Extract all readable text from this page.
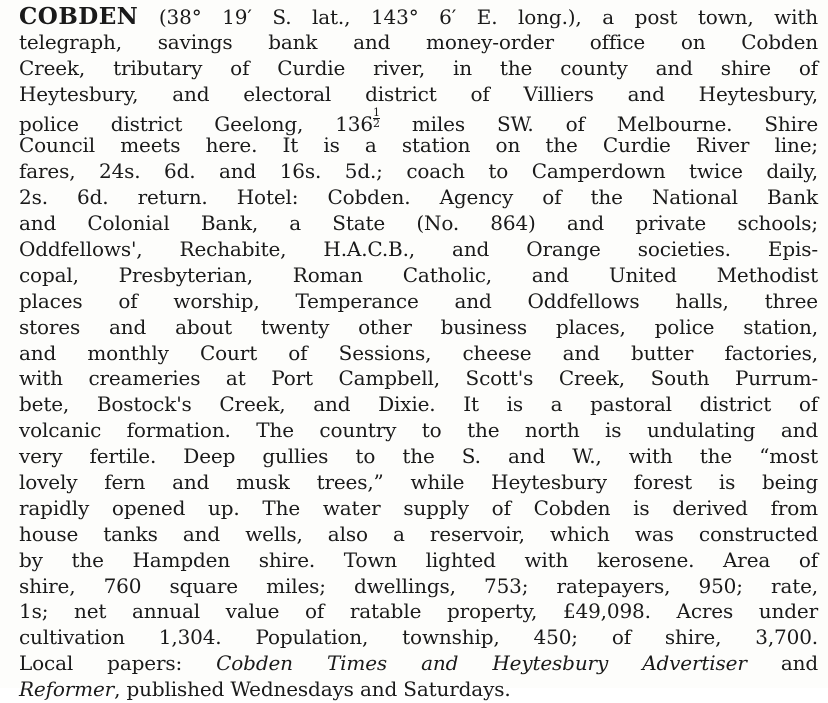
COBDEN (38° 19′ S. lat., 143° 6′ E. long.), a post town, with
telegraph, savings bank and money-order office on Cobden
Creek, tributary of Curdie river, in the county and shire of
Heytesbury, and electoral district of Villiers and Heytesbury,
police district Geelong, $136 \frac{1}{2}$ miles SW. of Melbourne. Shire
Council meets here. It is a station on the Curdie River line;
fares, 24s. 6d. and 16s. 5d.; coach to Camperdown twice daily,
2s. 6d. return. Hotel: Cobden. Agency of the National Bank
and Colonial Bank, a State (No. 864) and private schools;
Oddfellows', Rechabite, H.A.C.B., and Orange societies. Epis-
copal, Presbyterian, Roman Catholic, and United Methodist
places of worship, Temperance and Oddfellows halls, three
stores and about twenty other business places, police station,
and monthly Court of Sessions, cheese and butter factories,
with creameries at Port Campbell, Scott's Creek, South Purrum-
bete, Bostock's Creek, and Dixie. It is a pastoral district of
volcanic formation. The country to the north is undulating and
very fertile. Deep gullies to the S. and W., with the “most
lovely fern and musk trees,” while Heytesbury forest is being
rapidly opened up. The water supply of Cobden is derived from
house tanks and wells, also a reservoir, which was constructed
by the Hampden shire. Town lighted with kerosene. Area of
shire, 760 square miles; dwellings, 753; ratepayers, 950; rate,
1s; net annual value of ratable property, £49,098. Acres under
cultivation 1,304. Population, township, 450; of shire, 3,700.
Local papers: Cobden Times and Heytesbury Advertiser and
Reformer, published Wednesdays and Saturdays.
